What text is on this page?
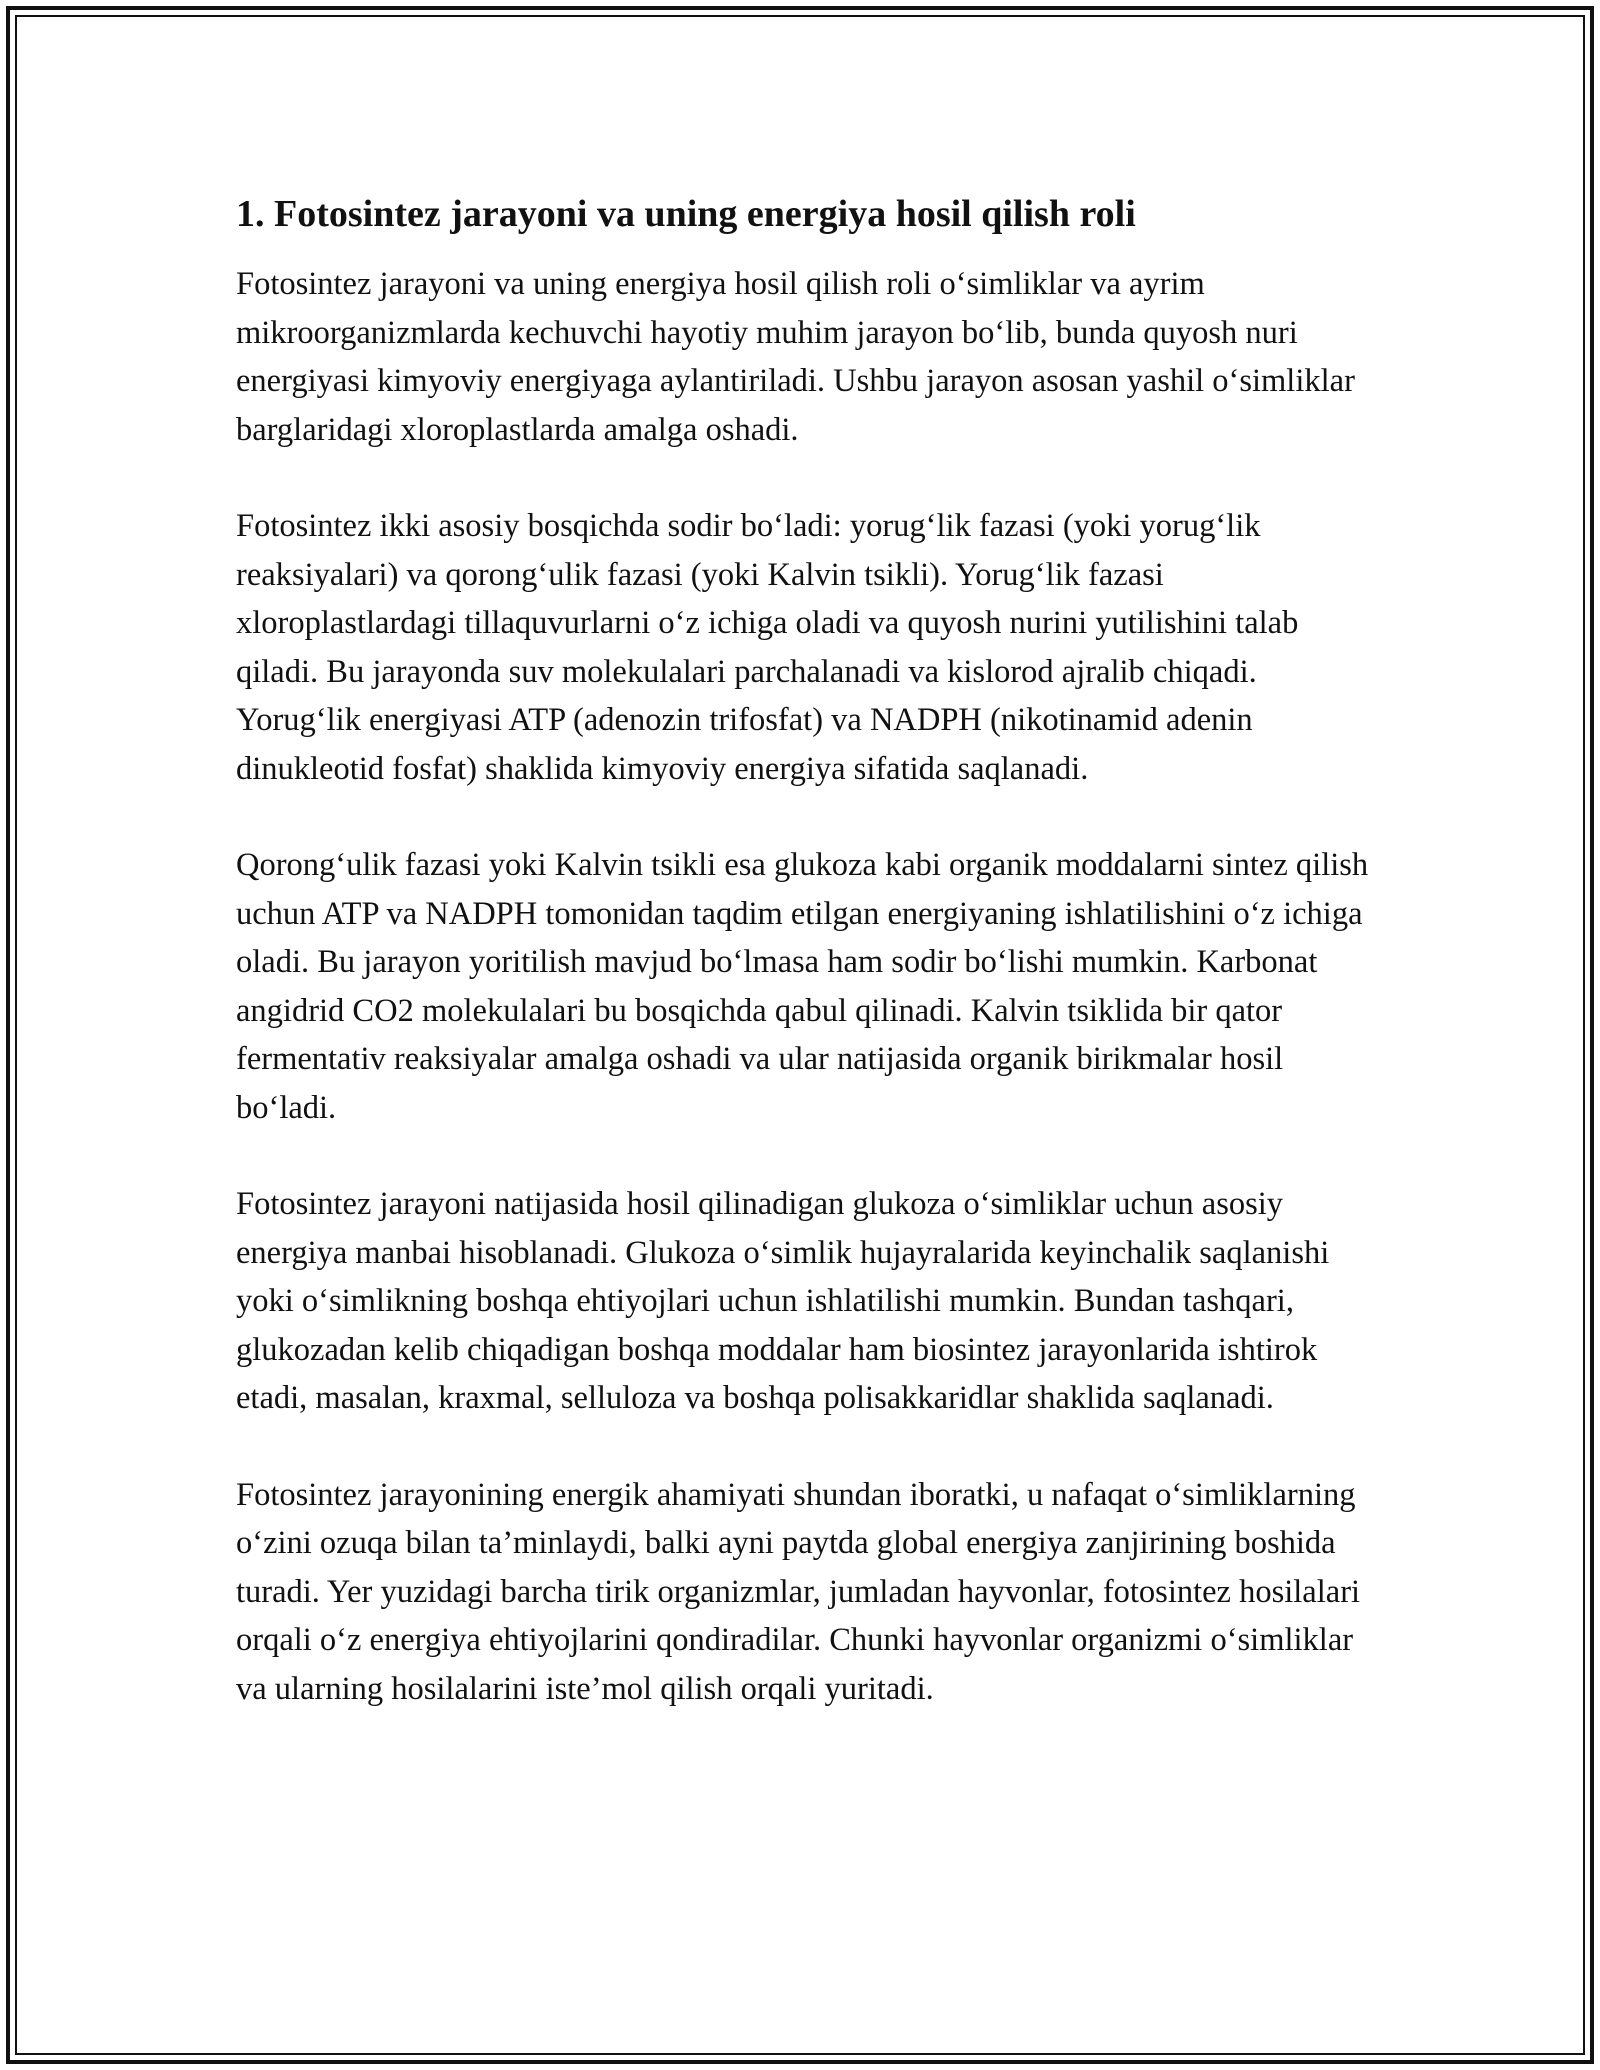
1. Fotosintez jarayoni va uning energiya hosil qilish roli

Fotosintez jarayoni va uning energiya hosil qilish roli o‘simliklar va ayrim mikroorganizmlarda kechuvchi hayotiy muhim jarayon bo‘lib, bunda quyosh nuri energiyasi kimyoviy energiyaga aylantiriladi. Ushbu jarayon asosan yashil o‘simliklar barglaridagi xloroplastlarda amalga oshadi.

Fotosintez ikki asosiy bosqichda sodir bo‘ladi: yorug‘lik fazasi (yoki yorug‘lik reaksiyalari) va qorong‘ulik fazasi (yoki Kalvin tsikli). Yorug‘lik fazasi xloroplastlardagi tillaquvurlarni o‘z ichiga oladi va quyosh nurini yutilishini talab qiladi. Bu jarayonda suv molekulalari parchalanadi va kislorod ajralib chiqadi. Yorug‘lik energiyasi ATP (adenozin trifosfat) va NADPH (nikotinamid adenin dinukleotid fosfat) shaklida kimyoviy energiya sifatida saqlanadi.

Qorong‘ulik fazasi yoki Kalvin tsikli esa glukoza kabi organik moddalarni sintez qilish uchun ATP va NADPH tomonidan taqdim etilgan energiyaning ishlatilishini o‘z ichiga oladi. Bu jarayon yoritilish mavjud bo‘lmasa ham sodir bo‘lishi mumkin. Karbonat angidrid CO2 molekulalari bu bosqichda qabul qilinadi. Kalvin tsiklida bir qator fermentativ reaksiyalar amalga oshadi va ular natijasida organik birikmalar hosil bo‘ladi.

Fotosintez jarayoni natijasida hosil qilinadigan glukoza o‘simliklar uchun asosiy energiya manbai hisoblanadi. Glukoza o‘simlik hujayralarida keyinchalik saqlanishi yoki o‘simlikning boshqa ehtiyojlari uchun ishlatilishi mumkin. Bundan tashqari, glukozadan kelib chiqadigan boshqa moddalar ham biosintez jarayonlarida ishtirok etadi, masalan, kraxmal, selluloza va boshqa polisakkaridlar shaklida saqlanadi.

Fotosintez jarayonining energik ahamiyati shundan iboratki, u nafaqat o‘simliklarning o‘zini ozuqa bilan ta’minlaydi, balki ayni paytda global energiya zanjirining boshida turadi. Yer yuzidagi barcha tirik organizmlar, jumladan hayvonlar, fotosintez hosilalari orqali o‘z energiya ehtiyojlarini qondiradilar. Chunki hayvonlar organizmi o‘simliklar va ularning hosilalarini iste’mol qilish orqali yuritadi.
